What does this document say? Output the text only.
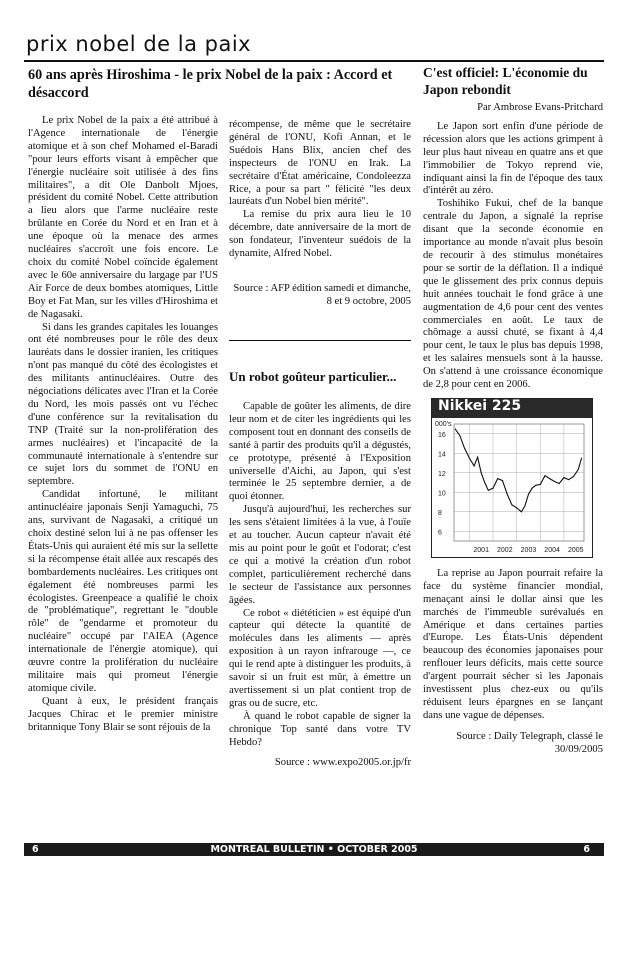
prix nobel de la paix
60 ans après Hiroshima - le prix Nobel de la paix : Accord et désaccord

Le prix Nobel de la paix a été attribué à l'Agence internationale de l'énergie atomique et à son chef Mohamed el-Baradi "pour leurs efforts visant à empêcher que l'énergie nucléaire soit utilisée à des fins militaires", a dit Ole Danbolt Mjoes, président du comité Nobel. Cette attribution a lieu alors que l'arme nucléaire reste brûlante en Corée du Nord et en Iran et à une époque où la menace des armes nucléaires s'accroît une fois encore. Le choix du comité Nobel coïncide également avec le 60e anniversaire du largage par l'US Air Force de deux bombes atomiques, Little Boy et Fat Man, sur les villes d'Hiroshima et de Nagasaki.

Si dans les grandes capitales les louanges ont été nombreuses pour le rôle des deux lauréats dans le dossier iranien, les critiques n'ont pas manqué du côté des écologistes et des militants antinucléaires. Outre des négociations délicates avec l'Iran et la Corée du Nord, les mois passés ont vu l'échec d'une conférence sur la revitalisation du TNP (Traité sur la non-prolifération des armes nucléaires) et l'incapacité de la communauté internationale à s'entendre sur ce sujet lors du sommet de l'ONU en septembre.

Candidat infortuné, le militant antinucléaire japonais Senji Yamaguchi, 75 ans, survivant de Nagasaki, a critiqué un choix destiné selon lui à ne pas offenser les États-Unis qui auraient été mis sur la sellette si la récompense était allée aux rescapés des bombardements nucléaires. Les critiques ont également été nombreuses parmi les écologistes. Greenpeace a qualifié le choix de "problématique", regrettant le "double rôle" de "gendarme et promoteur du nucléaire" occupé par l'AIEA (Agence internationale de l'énergie atomique), qui œuvre contre la prolifération du nucléaire militaire mais qui promeut l'énergie atomique civile.

Quant à eux, le président français Jacques Chirac et le premier ministre britannique Tony Blair se sont réjouis de la

récompense, de même que le secrétaire général de l'ONU, Kofi Annan, et le Suédois Hans Blix, ancien chef des inspecteurs de l'ONU en Irak. La secrétaire d'État américaine, Condoleezza Rice, a pour sa part " félicité "les deux lauréats d'un Nobel bien mérité".

La remise du prix aura lieu le 10 décembre, date anniversaire de la mort de son fondateur, l'inventeur suédois de la dynamite, Alfred Nobel.

Source : AFP édition samedi et dimanche, 8 et 9 octobre, 2005

Un robot goûteur particulier...

Capable de goûter les aliments, de dire leur nom et de citer les ingrédients qui les composent tout en donnant des conseils de santé à partir des produits qu'il a dégustés, ce prototype, présenté à l'Exposition universelle d'Aichi, au Japon, qui s'est terminée le 25 septembre dernier, a de quoi étonner.

Jusqu'à aujourd'hui, les recherches sur les sens s'étaient limitées à la vue, à l'ouïe et au toucher. Aucun capteur n'avait été mis au point pour le goût et l'odorat; c'est ce qui a motivé la création d'un robot complet, particulièrement recherché dans le secteur de l'assistance aux personnes âgées.

Ce robot « diététicien » est équipé d'un capteur qui détecte la quantité de molécules dans les aliments — après exposition à un rayon infrarouge —, ce qui le rend apte à distinguer les produits, à savoir si un fruit est mûr, à émettre un avertissement si un plat contient trop de gras ou de sucre, etc.

À quand le robot capable de signer la chronique Top santé dans votre TV Hebdo?

Source : www.expo2005.or.jp/fr

C'est officiel: L'économie du Japon rebondit
Par Ambrose Evans-Pritchard

Le Japon sort enfin d'une période de récession alors que les actions grimpent à leur plus haut niveau en quatre ans et que l'immobilier de Tokyo reprend vie, indiquant ainsi la fin de l'époque des taux d'intérêt au zéro.

Toshihiko Fukui, chef de la banque centrale du Japon, a signalé la reprise disant que la seconde économie en importance au monde n'avait plus besoin de recourir à des stimulus monétaires pour se sortir de la déflation. Il a indiqué que le glissement des prix connus depuis huit années touchait le fond grâce à une augmentation de 4,6 pour cent des ventes commerciales en août. Le taux de chômage a aussi chuté, se fixant à 4,4 pour cent, le taux le plus bas depuis 1998, et les salaires mensuels sont à la hausse. On s'attend à une croissance économique de 2,8 pour cent en 2006.

Nikkei 225
000's
6
8
10
12
14
16
2001 2002 2003 2004 2005

La reprise au Japon pourrait refaire la face du système financier mondial, menaçant ainsi le dollar ainsi que les marchés de l'immeuble surévalués en Amérique et dans certaines parties d'Europe. Les États-Unis dépendent beaucoup des économies japonaises pour renflouer leurs déficits, mais cette source d'argent pourrait sécher si les Japonais investissent plus chez-eux ou qu'ils réduisent leurs épargnes en se lançant dans une vague de dépenses.

Source : Daily Telegraph, classé le 30/09/2005

6	MONTREAL BULLETIN • OCTOBER 2005	6
